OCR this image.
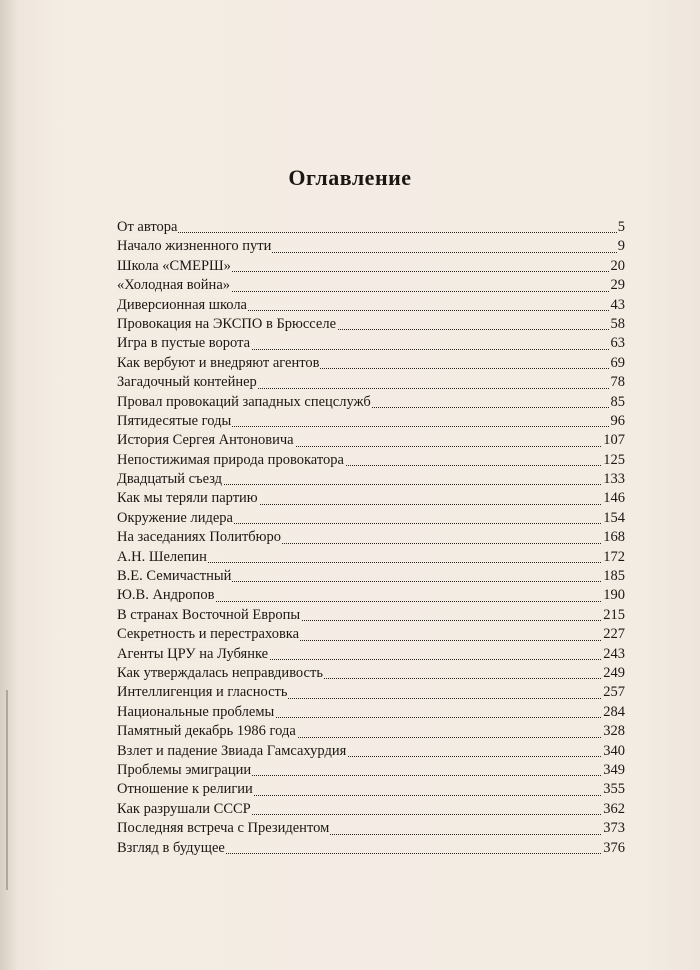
Оглавление
От автора	5
Начало жизненного пути	9
Школа «СМЕРШ»	20
«Холодная война»	29
Диверсионная школа	43
Провокация на ЭКСПО в Брюсселе	58
Игра в пустые ворота	63
Как вербуют и внедряют агентов	69
Загадочный контейнер	78
Провал провокаций западных спецслужб	85
Пятидесятые годы	96
История Сергея Антоновича	107
Непостижимая природа провокатора	125
Двадцатый съезд	133
Как мы теряли партию	146
Окружение лидера	154
На заседаниях Политбюро	168
А.Н. Шелепин	172
В.Е. Семичастный	185
Ю.В. Андропов	190
В странах Восточной Европы	215
Секретность и перестраховка	227
Агенты ЦРУ на Лубянке	243
Как утверждалась неправдивость	249
Интеллигенция и гласность	257
Национальные проблемы	284
Памятный декабрь 1986 года	328
Взлет и падение Звиада Гамсахурдия	340
Проблемы эмиграции	349
Отношение к религии	355
Как разрушали СССР	362
Последняя встреча с Президентом	373
Взгляд в будущее	376
